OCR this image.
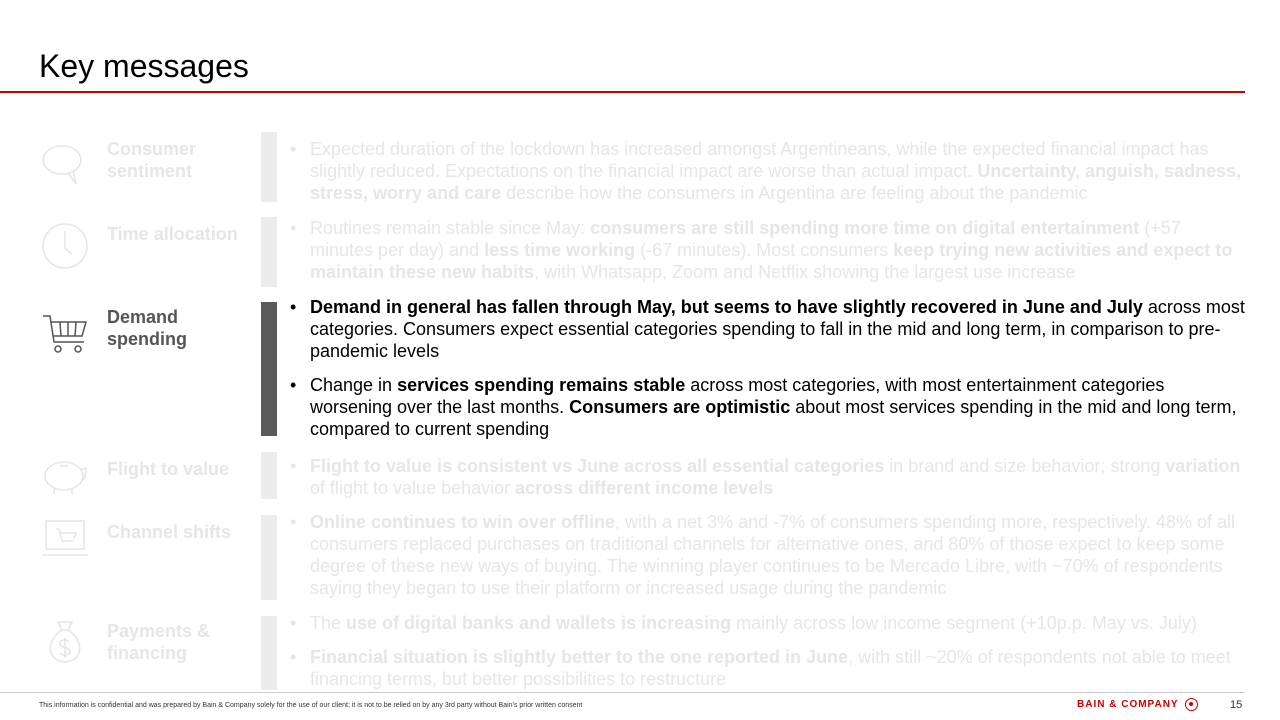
Key messages
Consumer sentiment
• Expected duration of the lockdown has increased amongst Argentineans, while the expected financial impact has slightly reduced. Expectations on the financial impact are worse than actual impact. Uncertainty, anguish, sadness, stress, worry and care describe how the consumers in Argentina are feeling about the pandemic
Time allocation	• Routines remain stable since May: consumers are still spending more time on digital entertainment (+57 minutes per day) and less time working (-67 minutes). Most consumers keep trying new activities and expect to maintain these new habits, with Whatsapp, Zoom and Netflix showing the largest use increase
Demand spending
• Demand in general has fallen through May, but seems to have slightly recovered in June and July across most categories. Consumers expect essential categories spending to fall in the mid and long term, in comparison to pre-pandemic levels
• Change in services spending remains stable across most categories, with most entertainment categories worsening over the last months. Consumers are optimistic about most services spending in the mid and long term, compared to current spending
Flight to value	• Flight to value is consistent vs June across all essential categories in brand and size behavior; strong variation of flight to value behavior across different income levels
Channel shifts	• Online continues to win over offline, with a net 3% and -7% of consumers spending more, respectively. 48% of all consumers replaced purchases on traditional channels for alternative ones, and 80% of those expect to keep some degree of these new ways of buying. The winning player continues to be Mercado Libre, with ~70% of respondents saying they began to use their platform or increased usage during the pandemic
Payments & financing
• The use of digital banks and wallets is increasing mainly across low income segment (+10p.p. May vs. July)
• Financial situation is slightly better to the one reported in June, with still ~20% of respondents not able to meet financing terms, but better possibilities to restructure
This information is confidential and was prepared by Bain & Company solely for the use of our client; it is not to be relied on by any 3rd party without Bain's prior written consent	BAIN & COMPANY	15
